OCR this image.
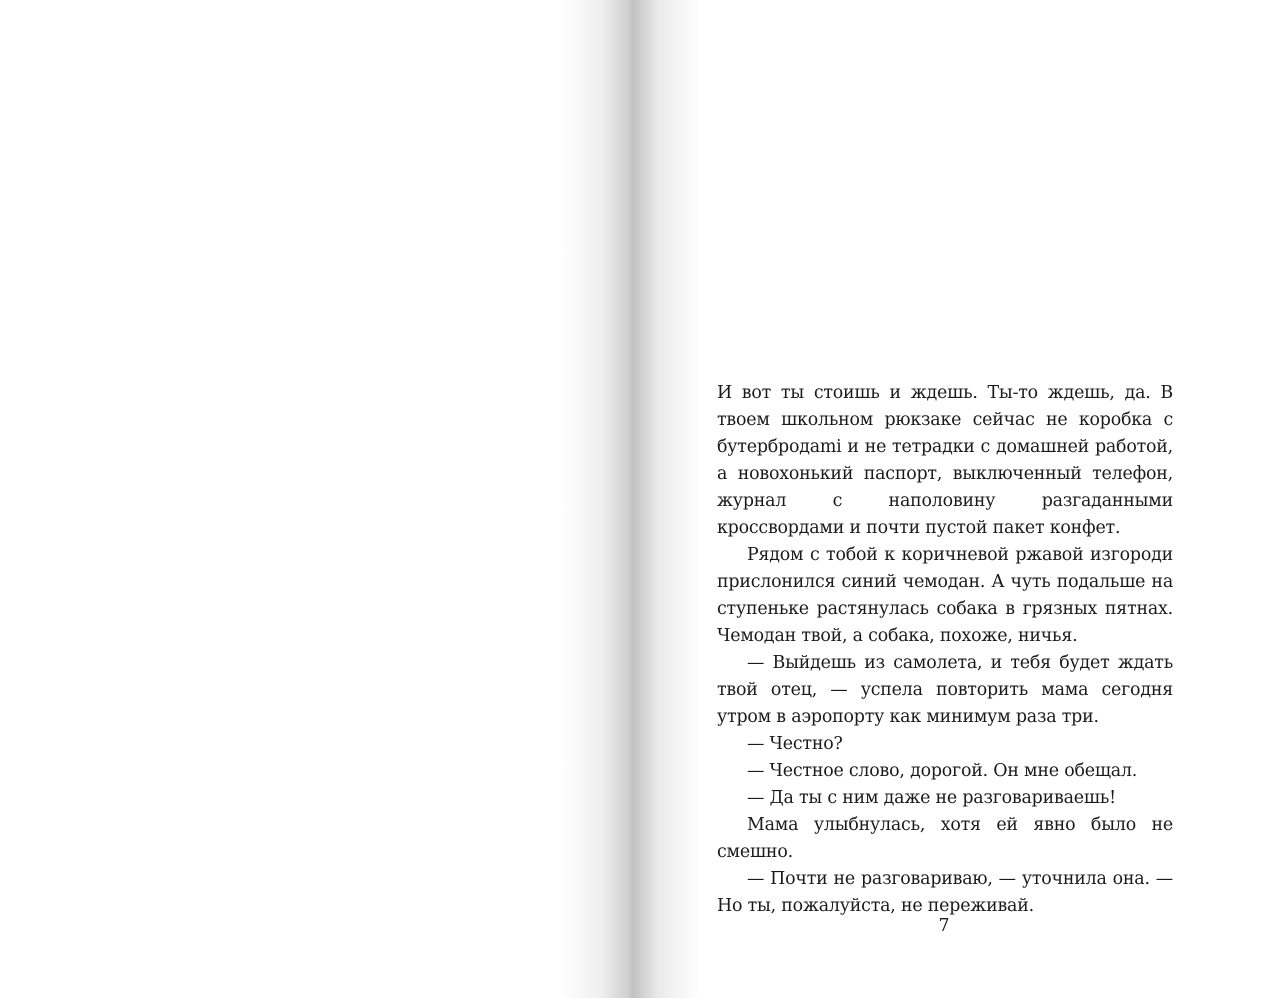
И вот ты стоишь и ждешь. Ты-то ждешь, да. В твоем школьном рюкзаке сейчас не коробка с бутербродаmi и не тетрадки с домашней работой, а новохонький паспорт, выключенный телефон, журнал с наполовину разгаданными кроссвордами и почти пустой пакет конфет.

Рядом с тобой к коричневой ржавой изгороди прислонился синий чемодан. А чуть подальше на ступеньке растянулась собака в грязных пятнах. Чемодан твой, а собака, похоже, ничья.

— Выйдешь из самолета, и тебя будет ждать твой отец, — успела повторить мама сегодня утром в аэропорту как минимум раза три.

— Честно?

— Честное слово, дорогой. Он мне обещал.

— Да ты с ним даже не разговариваешь!

Мама улыбнулась, хотя ей явно было не смешно.

— Почти не разговариваю, — уточнила она. — Но ты, пожалуйста, не переживай.

7
